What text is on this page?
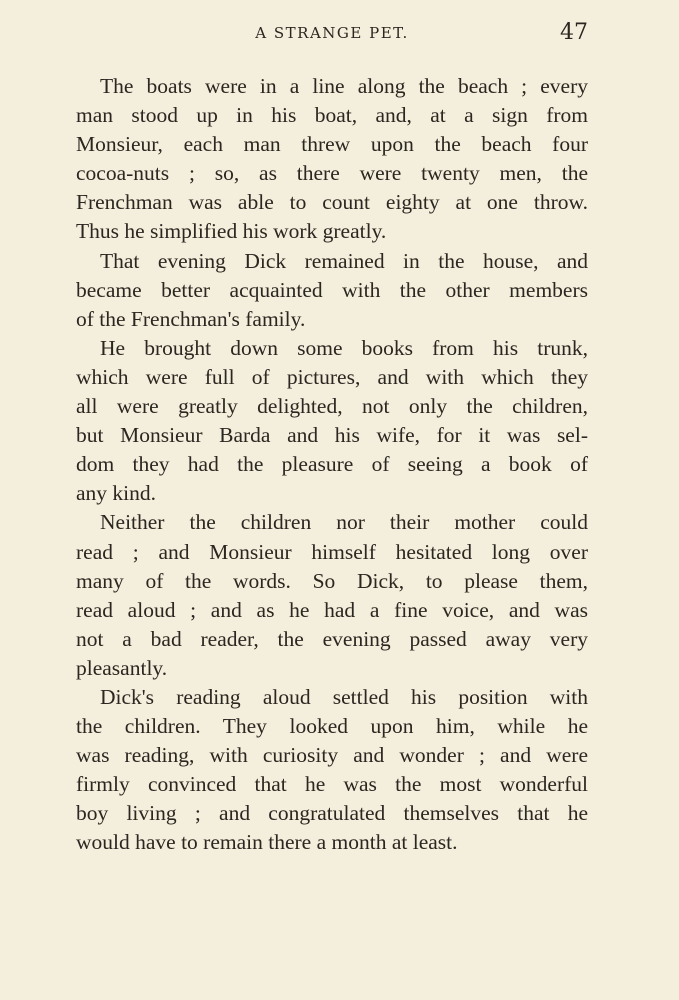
A STRANGE PET.	47
The boats were in a line along the beach ; every
man stood up in his boat, and, at a sign from
Monsieur, each man threw upon the beach four
cocoa-nuts ; so, as there were twenty men, the
Frenchman was able to count eighty at one throw.
Thus he simplified his work greatly.
That evening Dick remained in the house, and
became better acquainted with the other members
of the Frenchman's family.
He brought down some books from his trunk,
which were full of pictures, and with which they
all were greatly delighted, not only the children,
but Monsieur Barda and his wife, for it was sel-
dom they had the pleasure of seeing a book of
any kind.
Neither the children nor their mother could
read ; and Monsieur himself hesitated long over
many of the words. So Dick, to please them,
read aloud ; and as he had a fine voice, and was
not a bad reader, the evening passed away very
pleasantly.
Dick's reading aloud settled his position with
the children. They looked upon him, while he
was reading, with curiosity and wonder ; and were
firmly convinced that he was the most wonderful
boy living ; and congratulated themselves that he
would have to remain there a month at least.
